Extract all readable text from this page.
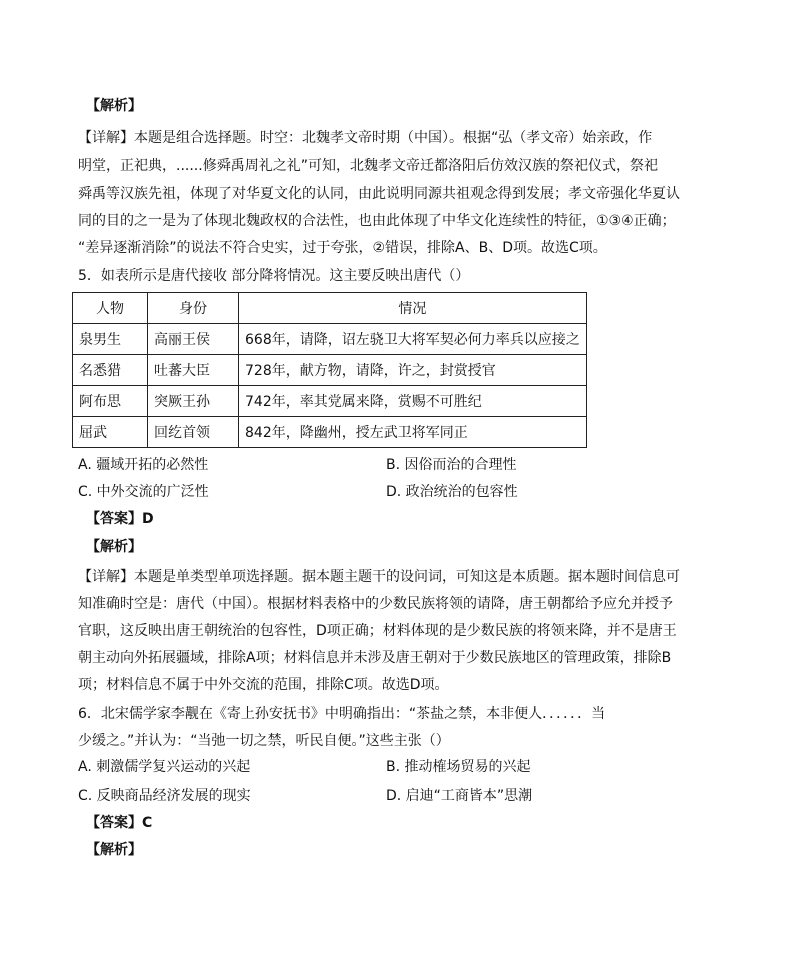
【解析】
【详解】本题是组合选择题。时空：北魏孝文帝时期（中国）。根据“弘（孝文帝）始亲政，作
明堂，正祀典，......修舜禹周礼之礼”可知，北魏孝文帝迁都洛阳后仿效汉族的祭祀仪式，祭祀
舜禹等汉族先祖，体现了对华夏文化的认同，由此说明同源共祖观念得到发展；孝文帝强化华夏认
同的目的之一是为了体现北魏政权的合法性，也由此体现了中华文化连续性的特征，①③④正确；
“差异逐渐消除”的说法不符合史实，过于夸张，②错误，排除A、B、D项。故选C项。
5．如表所示是唐代接收 部分降将情况。这主要反映出唐代（）
人物	身份	情况
泉男生	高丽王侯	668年，请降，诏左骁卫大将军契必何力率兵以应接之
名悉猎	吐蕃大臣	728年，献方物，请降，许之，封赏授官
阿布思	突厥王孙	742年，率其党属来降，赏赐不可胜纪
屈武	回纥首领	842年，降幽州，授左武卫将军同正
A. 疆域开拓的必然性	B. 因俗而治的合理性
C. 中外交流的广泛性	D. 政治统治的包容性
【答案】D
【解析】
【详解】本题是单类型单项选择题。据本题主题干的设问词，可知这是本质题。据本题时间信息可
知准确时空是：唐代（中国）。根据材料表格中的少数民族将领的请降，唐王朝都给予应允并授予
官职，这反映出唐王朝统治的包容性，D项正确；材料体现的是少数民族的将领来降，并不是唐王
朝主动向外拓展疆域，排除A项；材料信息并未涉及唐王朝对于少数民族地区的管理政策，排除B
项；材料信息不属于中外交流的范围，排除C项。故选D项。
6．北宋儒学家李觏在《寄上孙安抚书》中明确指出：“茶盐之禁，本非便人．．．．．．当
少缓之。”并认为：“当弛一切之禁，听民自便。”这些主张（）
A. 刺激儒学复兴运动的兴起	B. 推动榷场贸易的兴起
C. 反映商品经济发展的现实	D. 启迪“工商皆本”思潮
【答案】C
【解析】
